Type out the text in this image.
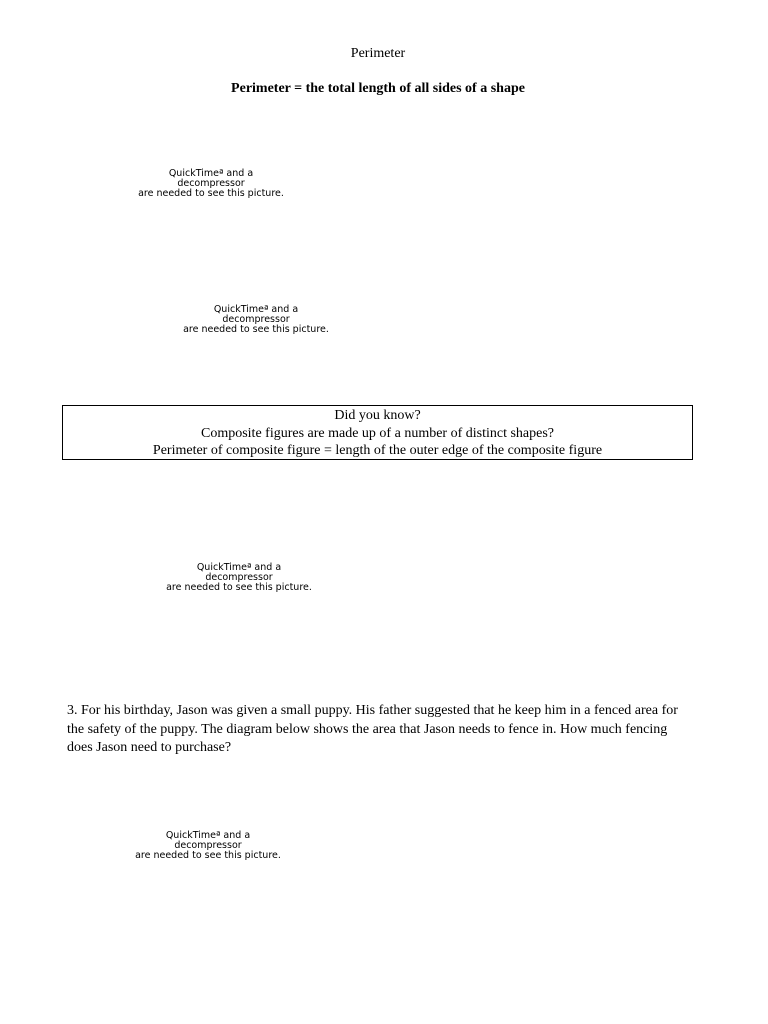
Perimeter
Perimeter = the total length of all sides of a shape
QuickTimeª and a
decompressor
are needed to see this picture.
QuickTimeª and a
decompressor
are needed to see this picture.
Did you know?
Composite figures are made up of a number of distinct shapes?
Perimeter of composite figure = length of the outer edge of the composite figure
QuickTimeª and a
decompressor
are needed to see this picture.
3. For his birthday, Jason was given a small puppy. His father suggested that he keep him in a fenced area for the safety of the puppy. The diagram below shows the area that Jason needs to fence in. How much fencing does Jason need to purchase?
QuickTimeª and a
decompressor
are needed to see this picture.
